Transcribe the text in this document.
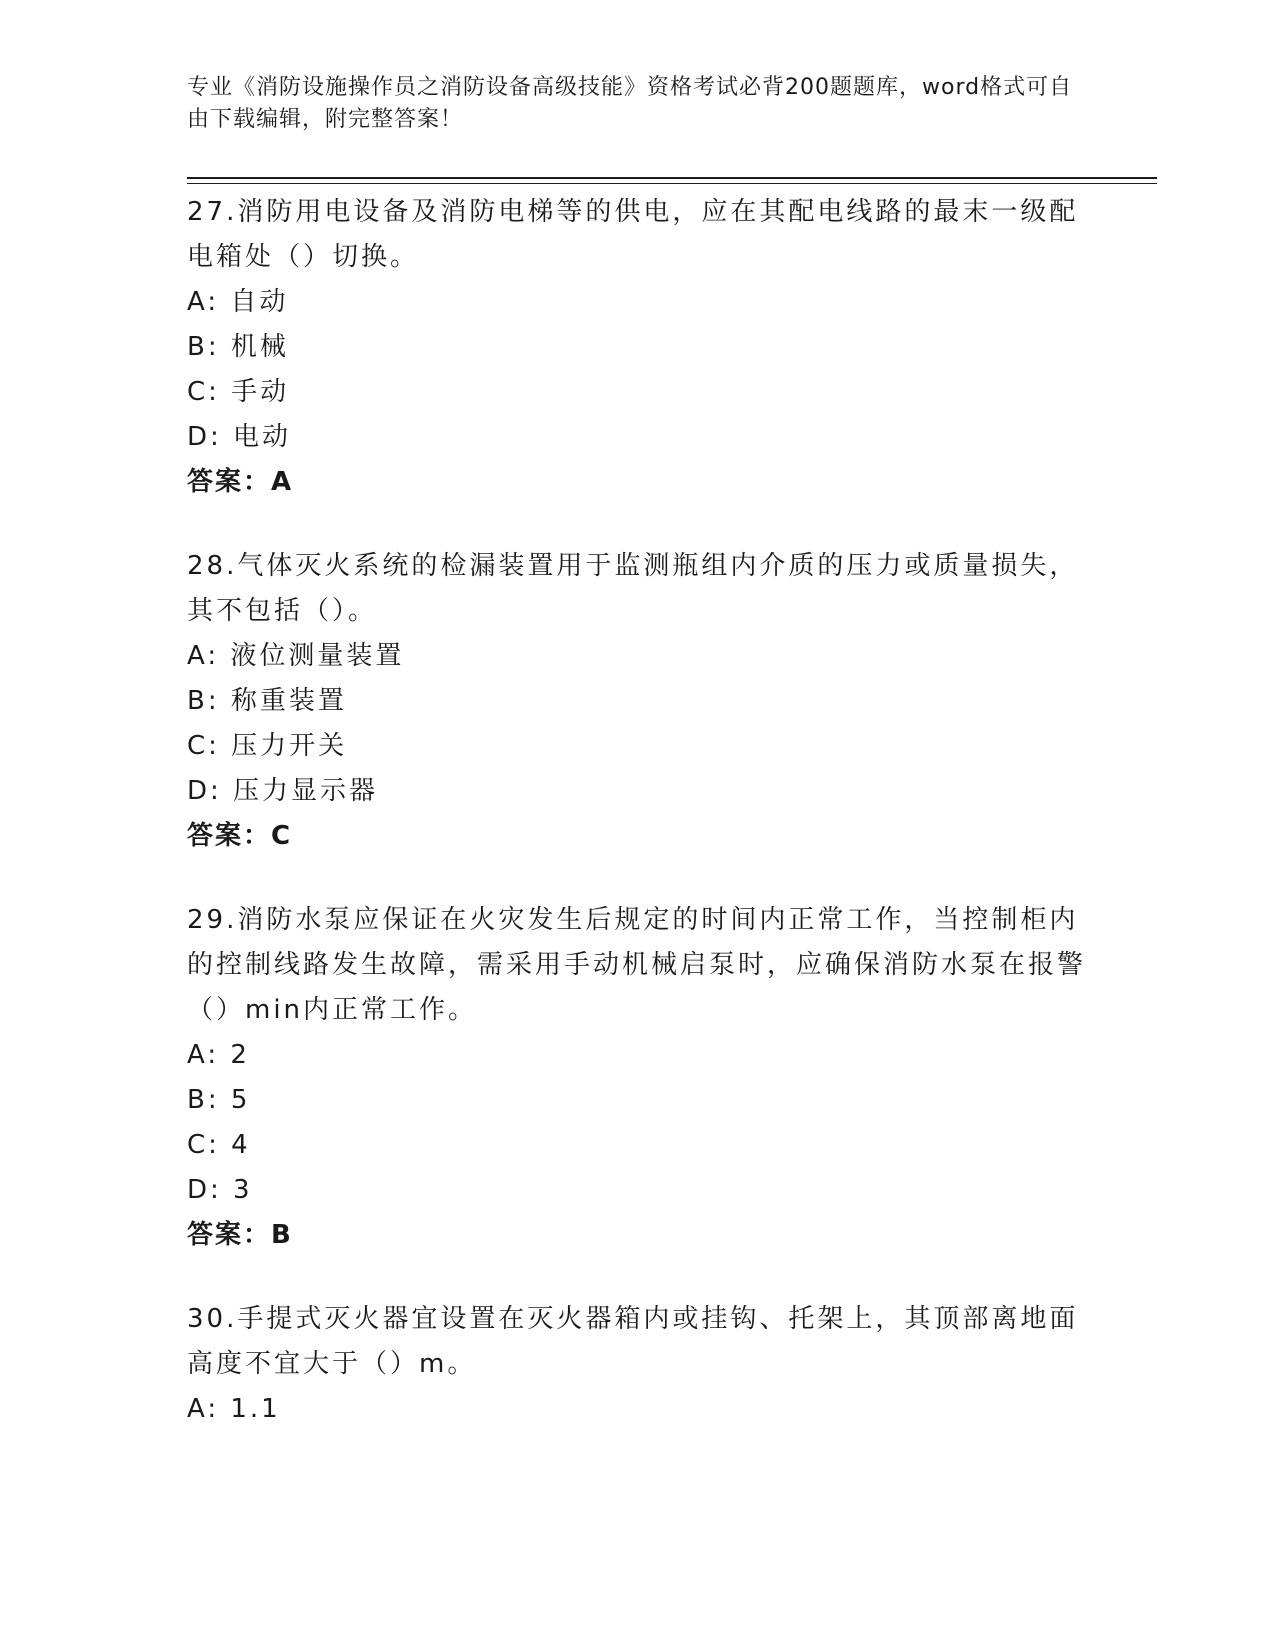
专业《消防设施操作员之消防设备高级技能》资格考试必背200题题库，word格式可自由下载编辑，附完整答案！

27.消防用电设备及消防电梯等的供电，应在其配电线路的最末一级配电箱处（）切换。

A: 自动

B: 机械

C: 手动

D: 电动

答案：A

28.气体灭火系统的检漏装置用于监测瓶组内介质的压力或质量损失，其不包括（）。

A: 液位测量装置

B: 称重装置

C: 压力开关

D: 压力显示器

答案：C

29.消防水泵应保证在火灾发生后规定的时间内正常工作，当控制柜内的控制线路发生故障，需采用手动机械启泵时，应确保消防水泵在报警（）min内正常工作。

A: 2

B: 5

C: 4

D: 3

答案：B

30.手提式灭火器宜设置在灭火器箱内或挂钩、托架上，其顶部离地面高度不宜大于（）m。

A: 1.1
